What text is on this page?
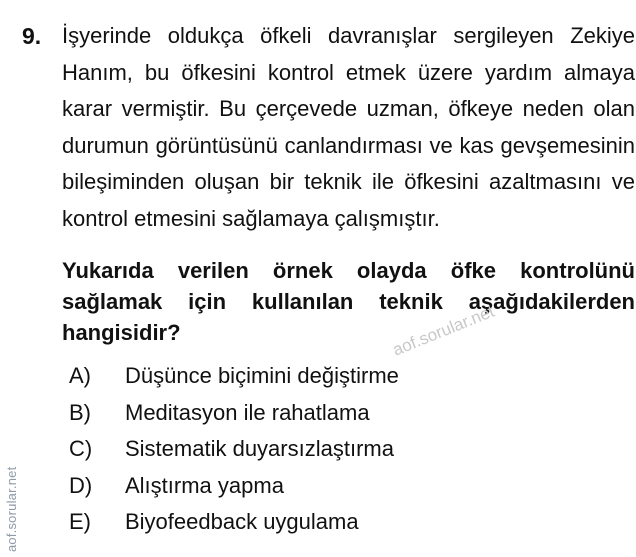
9. İşyerinde oldukça öfkeli davranışlar sergileyen Zekiye Hanım, bu öfkesini kontrol etmek üzere yardım almaya karar vermiştir. Bu çerçevede uzman, öfkeye neden olan durumun görüntüsünü canlandırması ve kas gevşemesinin bileşiminden oluşan bir teknik ile öfkesini azaltmasını ve kontrol etmesini sağlamaya çalışmıştır.

Yukarıda verilen örnek olayda öfke kontrolünü sağlamak için kullanılan teknik aşağıdakilerden hangisidir?

A) Düşünce biçimini değiştirme
B) Meditasyon ile rahatlama
C) Sistematik duyarsızlaştırma
D) Alıştırma yapma
E) Biyofeedback uygulama
aof.sorular.net
aof.sorular.net
